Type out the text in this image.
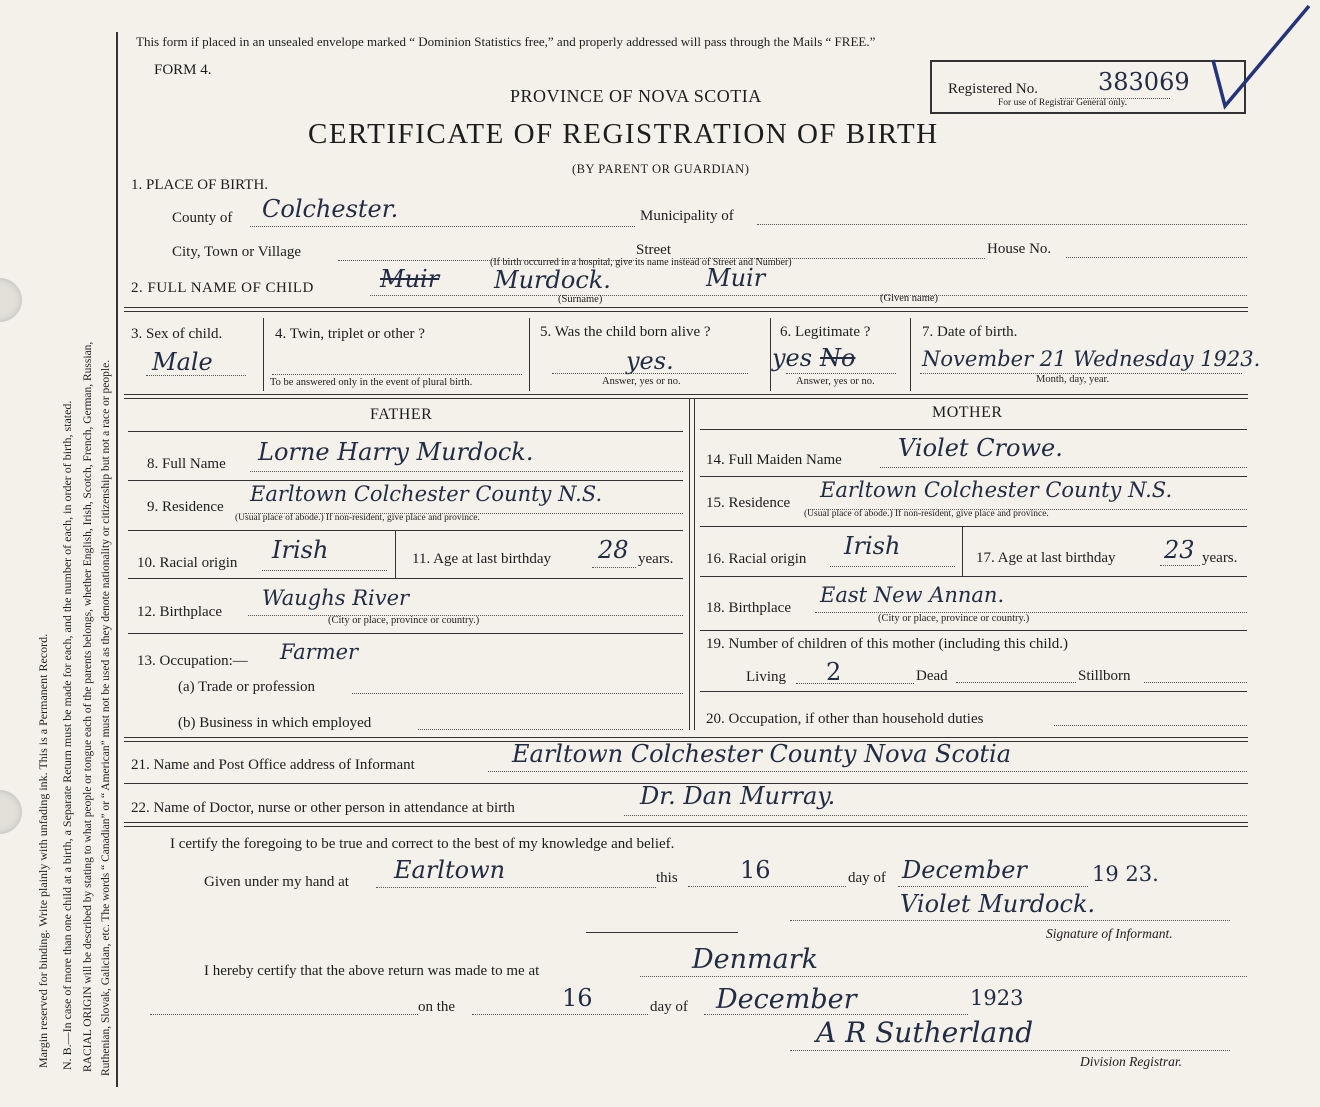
Margin reserved for binding. Write plainly with unfading ink. This is a Permanent Record. N. B.—In case of more than one child at a birth, a Separate Return must be made for each, and the number of each, in order of birth, stated. RACIAL ORIGIN will be described by stating to what people or tongue each of the parents belongs, whether English, Irish, Scotch, French, German, Russian, Ruthenian, Slovak, Galician, etc. The words “ Canadian” or “ American” must not be used as they denote nationality or citizenship but not a race or people.
This form if placed in an unsealed envelope marked “ Dominion Statistics free,” and properly addressed will pass through the Mails “ FREE.”
FORM 4.
PROVINCE OF NOVA SCOTIA
CERTIFICATE OF REGISTRATION OF BIRTH
(BY PARENT OR GUARDIAN)
Registered No.	383069
For use of Registrar General only.
1. PLACE OF BIRTH.
County of Colchester.	Municipality of
City, Town or Village	Street	House No.
(If birth occurred in a hospital, give its name instead of Street and Number)
2. FULL NAME OF CHILD	Muir Murdock.	Muir
(Surname)	(Given name)
3. Sex of child.
Male
4. Twin, triplet or other ?
To be answered only in the event of plural birth.
5. Was the child born alive ?
yes.
Answer, yes or no.
6. Legitimate ?
yes No
Answer, yes or no.
7. Date of birth.
November 21 Wednesday 1923.
Month, day, year.
FATHER	MOTHER
8. Full Name Lorne Harry Murdock.
9. Residence
Earltown Colchester County N.S.
(Usual place of abode.) If non-resident, give place and province.
10. Racial origin Irish	11. Age at last birthday 28 years.
12. Birthplace
Waughs River
(City or place, province or country.)
13. Occupation:— Farmer
(a) Trade or profession
(b) Business in which employed
14. Full Maiden Name Violet Crowe.
15. Residence
Earltown Colchester County N.S.
(Usual place of abode.) If non-resident, give place and province.
16. Racial origin Irish	17. Age at last birthday 23 years.
18. Birthplace
East New Annan.
(City or place, province or country.)
19. Number of children of this mother (including this child.)
Living 2	Dead	Stillborn
20. Occupation, if other than household duties
21. Name and Post Office address of Informant	Earltown Colchester County Nova Scotia
22. Name of Doctor, nurse or other person in attendance at birth	Dr. Dan Murray.
I certify the foregoing to be true and correct to the best of my knowledge and belief.
Given under my hand at Earltown	this	16	day of December	19 23.
Violet Murdock.
Signature of Informant.
I hereby certify that the above return was made to me at	Denmark
on the	16	day of December	1923
A R Sutherland
Division Registrar.
